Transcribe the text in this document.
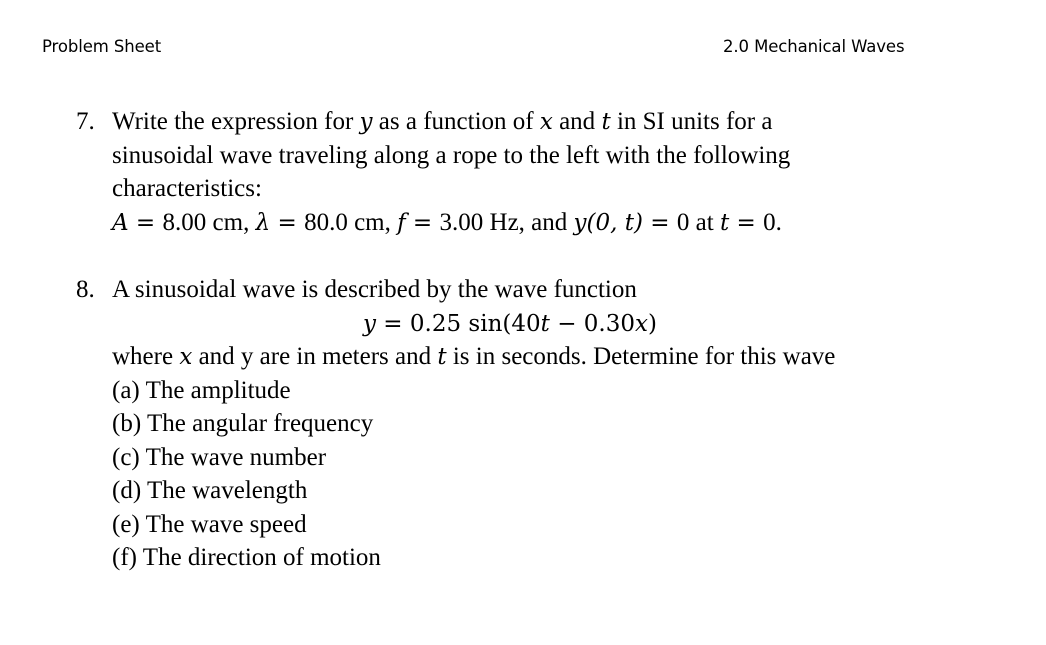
Problem Sheet	2.0 Mechanical Waves
7. Write the expression for y as a function of x and t in SI units for a
sinusoidal wave traveling along a rope to the left with the following
characteristics:
A = 8.00 cm, λ = 80.0 cm, f = 3.00 Hz, and y(0, t) = 0 at t = 0.
8. A sinusoidal wave is described by the wave function
y = 0.25 sin(40t − 0.30x)
where x and y are in meters and t is in seconds. Determine for this wave
(a) The amplitude
(b) The angular frequency
(c) The wave number
(d) The wavelength
(e) The wave speed
(f) The direction of motion
